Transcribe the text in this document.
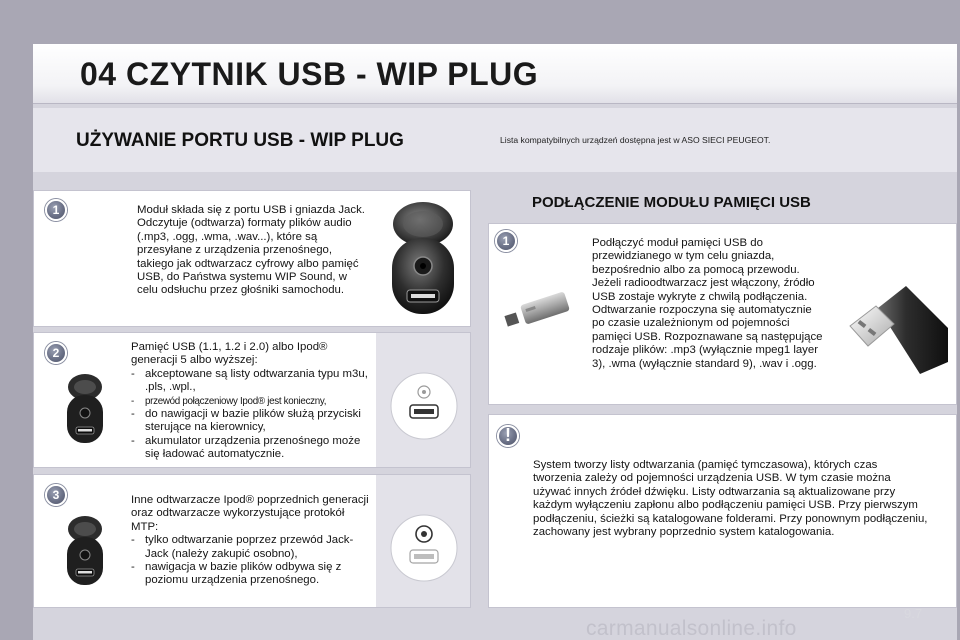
04 CZYTNIK USB - WIP PLUG
UŻYWANIE PORTU USB - WIP PLUG	Lista kompatybilnych urządzeń dostępna jest w ASO SIECI PEUGEOT.
1	Moduł składa się z portu USB i gniazda Jack. Odczytuje (odtwarza) formaty plików audio (.mp3, .ogg, .wma, .wav...), które są przesyłane z urządzenia przenośnego, takiego jak odtwarzacz cyfrowy albo pamięć USB, do Państwa systemu WIP Sound, w celu odsłuchu przez głośniki samochodu.
2	Pamięć USB (1.1, 1.2 i 2.0) albo Ipod® generacji 5 albo wyższej:
- akceptowane są listy odtwarzania typu m3u, .pls, .wpl.,
- przewód połączeniowy Ipod® jest konieczny,
- do nawigacji w bazie plików służą przyciski sterujące na kierownicy,
- akumulator urządzenia przenośnego może się ładować automatycznie.
3	Inne odtwarzacze Ipod® poprzednich generacji oraz odtwarzacze wykorzystujące protokół MTP:
- tylko odtwarzanie poprzez przewód Jack-Jack (należy zakupić osobno),
- nawigacja w bazie plików odbywa się z poziomu urządzenia przenośnego.
PODŁĄCZENIE MODUŁU PAMIĘCI USB
1	Podłączyć moduł pamięci USB do przewidzianego w tym celu gniazda, bezpośrednio albo za pomocą przewodu. Jeżeli radioodtwarzacz jest włączony, źródło USB zostaje wykryte z chwilą podłączenia. Odtwarzanie rozpoczyna się automatycznie po czasie uzależnionym od pojemności pamięci USB. Rozpoznawane są następujące rodzaje plików: .mp3 (wyłącznie mpeg1 layer 3), .wma (wyłącznie standard 9), .wav i .ogg.
!
System tworzy listy odtwarzania (pamięć tymczasowa), których czas tworzenia zależy od pojemności urządzenia USB. W tym czasie można używać innych źródeł dźwięku. Listy odtwarzania są aktualizowane przy każdym wyłączeniu zapłonu albo podłączeniu pamięci USB. Przy pierwszym podłączeniu, ścieżki są katalogowane folderami. Przy ponownym podłączeniu, zachowany jest wybrany poprzednio system katalogowania.
9.7
carmanualsonline.info
